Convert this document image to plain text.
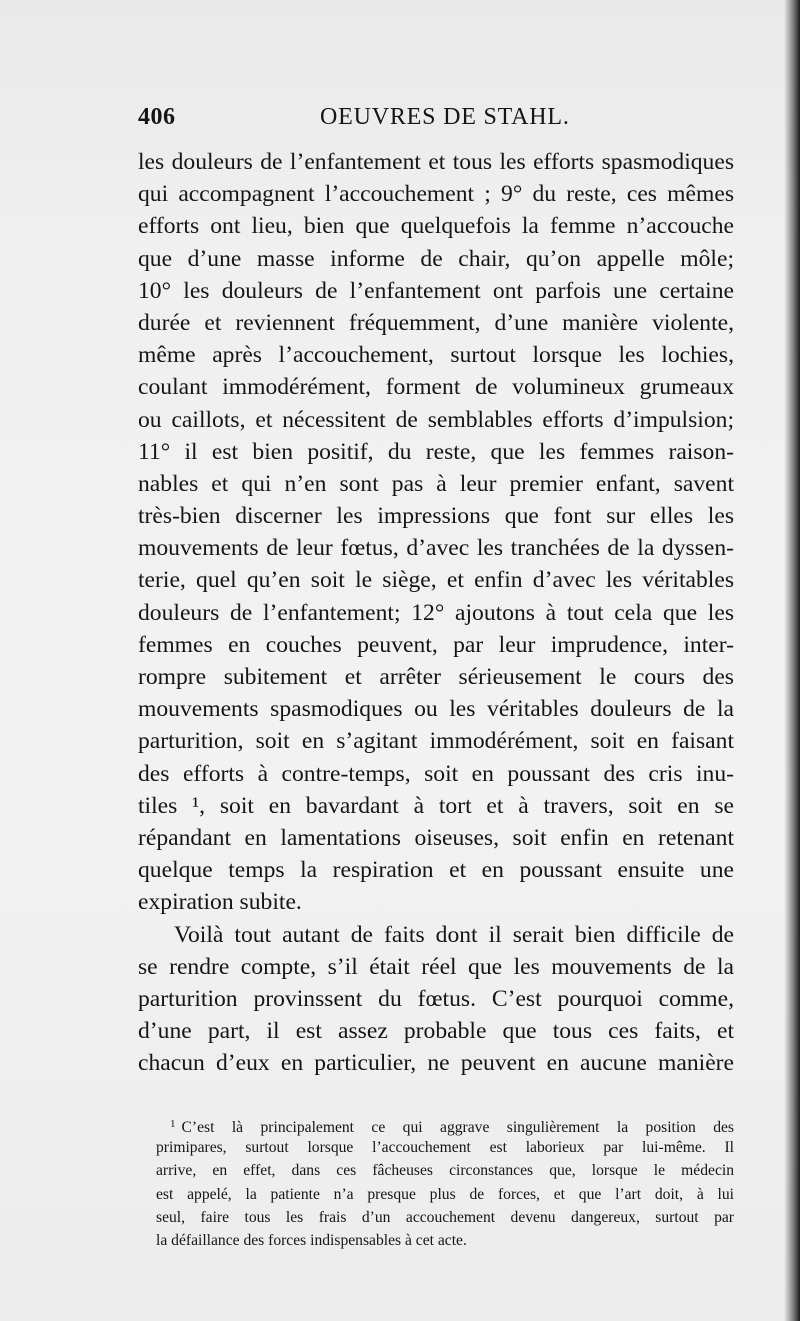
406	OEUVRES DE STAHL.
les douleurs de l’enfantement et tous les efforts spasmodiques
qui accompagnent l’accouchement ; 9° du reste, ces mêmes
efforts ont lieu, bien que quelquefois la femme n’accouche
que d’une masse informe de chair, qu’on appelle môle;
10° les douleurs de l’enfantement ont parfois une certaine
durée et reviennent fréquemment, d’une manière violente,
même après l’accouchement, surtout lorsque les lochies,
coulant immodérément, forment de volumineux grumeaux
ou caillots, et nécessitent de semblables efforts d’impulsion;
11° il est bien positif, du reste, que les femmes raison-
nables et qui n’en sont pas à leur premier enfant, savent
très-bien discerner les impressions que font sur elles les
mouvements de leur fœtus, d’avec les tranchées de la dyssen-
terie, quel qu’en soit le siège, et enfin d’avec les véritables
douleurs de l’enfantement; 12° ajoutons à tout cela que les
femmes en couches peuvent, par leur imprudence, inter-
rompre subitement et arrêter sérieusement le cours des
mouvements spasmodiques ou les véritables douleurs de la
parturition, soit en s’agitant immodérément, soit en faisant
des efforts à contre-temps, soit en poussant des cris inu-
tiles ¹, soit en bavardant à tort et à travers, soit en se
répandant en lamentations oiseuses, soit enfin en retenant
quelque temps la respiration et en poussant ensuite une
expiration subite.
Voilà tout autant de faits dont il serait bien difficile de
se rendre compte, s’il était réel que les mouvements de la
parturition provinssent du fœtus. C’est pourquoi comme,
d’une part, il est assez probable que tous ces faits, et
chacun d’eux en particulier, ne peuvent en aucune manière
$^1$ C’est là principalement ce qui aggrave singulièrement la position des
primipares, surtout lorsque l’accouchement est laborieux par lui-même. Il
arrive, en effet, dans ces fâcheuses circonstances que, lorsque le médecin
est appelé, la patiente n’a presque plus de forces, et que l’art doit, à lui
seul, faire tous les frais d’un accouchement devenu dangereux, surtout par
la défaillance des forces indispensables à cet acte.
